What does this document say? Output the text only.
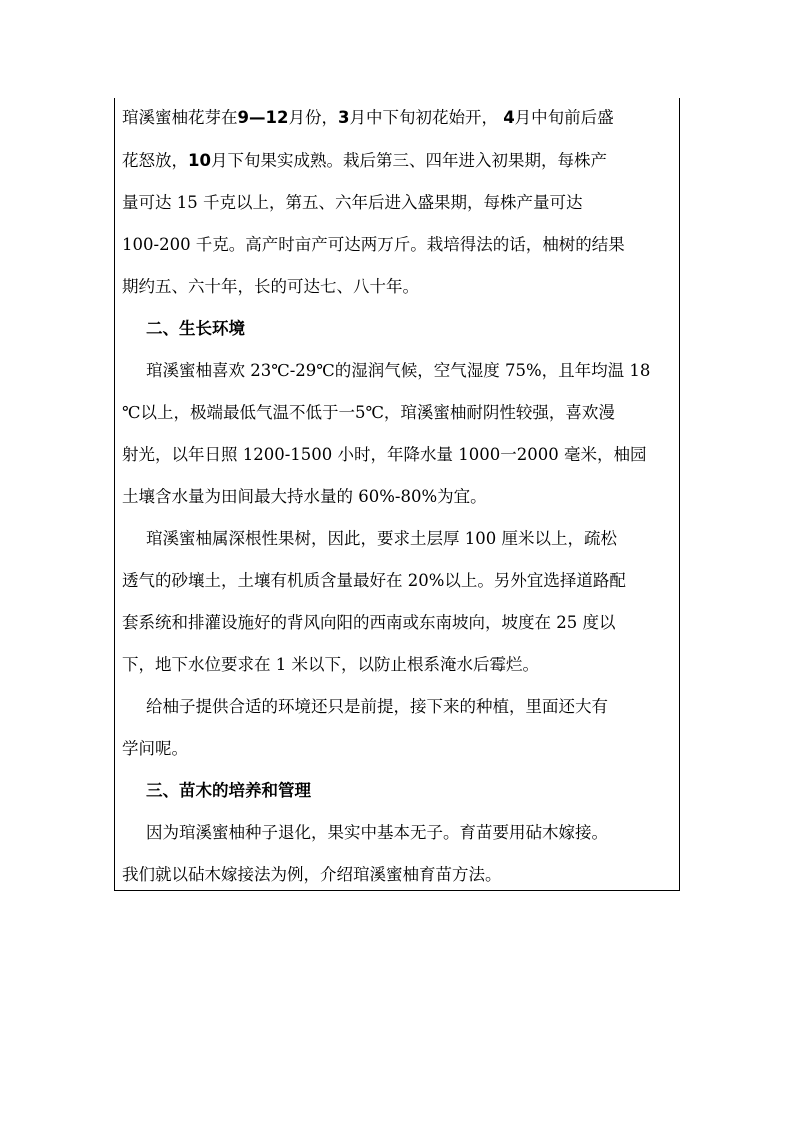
琯溪蜜柚花芽在9—12月份，3月中下旬初花始开， 4月中旬前后盛
花怒放，10月下旬果实成熟。栽后第三、四年进入初果期，每株产
量可达 15 千克以上，第五、六年后进入盛果期，每株产量可达
100-200 千克。高产时亩产可达两万斤。栽培得法的话，柚树的结果
期约五、六十年，长的可达七、八十年。
二、生长环境
琯溪蜜柚喜欢 23℃-29℃的湿润气候，空气湿度 75%，且年均温 18
℃以上，极端最低气温不低于一5℃，琯溪蜜柚耐阴性较强，喜欢漫
射光，以年日照 1200-1500 小时，年降水量 1000一2000 毫米，柚园
土壤含水量为田间最大持水量的 60%-80%为宜。
琯溪蜜柚属深根性果树，因此，要求土层厚 100 厘米以上，疏松
透气的砂壤土，土壤有机质含量最好在 20%以上。另外宜选择道路配
套系统和排灌设施好的背风向阳的西南或东南坡向，坡度在 25 度以
下，地下水位要求在 1 米以下，以防止根系淹水后霉烂。
给柚子提供合适的环境还只是前提，接下来的种植，里面还大有
学问呢。
三、苗木的培养和管理
因为琯溪蜜柚种子退化，果实中基本无子。育苗要用砧木嫁接。
我们就以砧木嫁接法为例，介绍琯溪蜜柚育苗方法。
